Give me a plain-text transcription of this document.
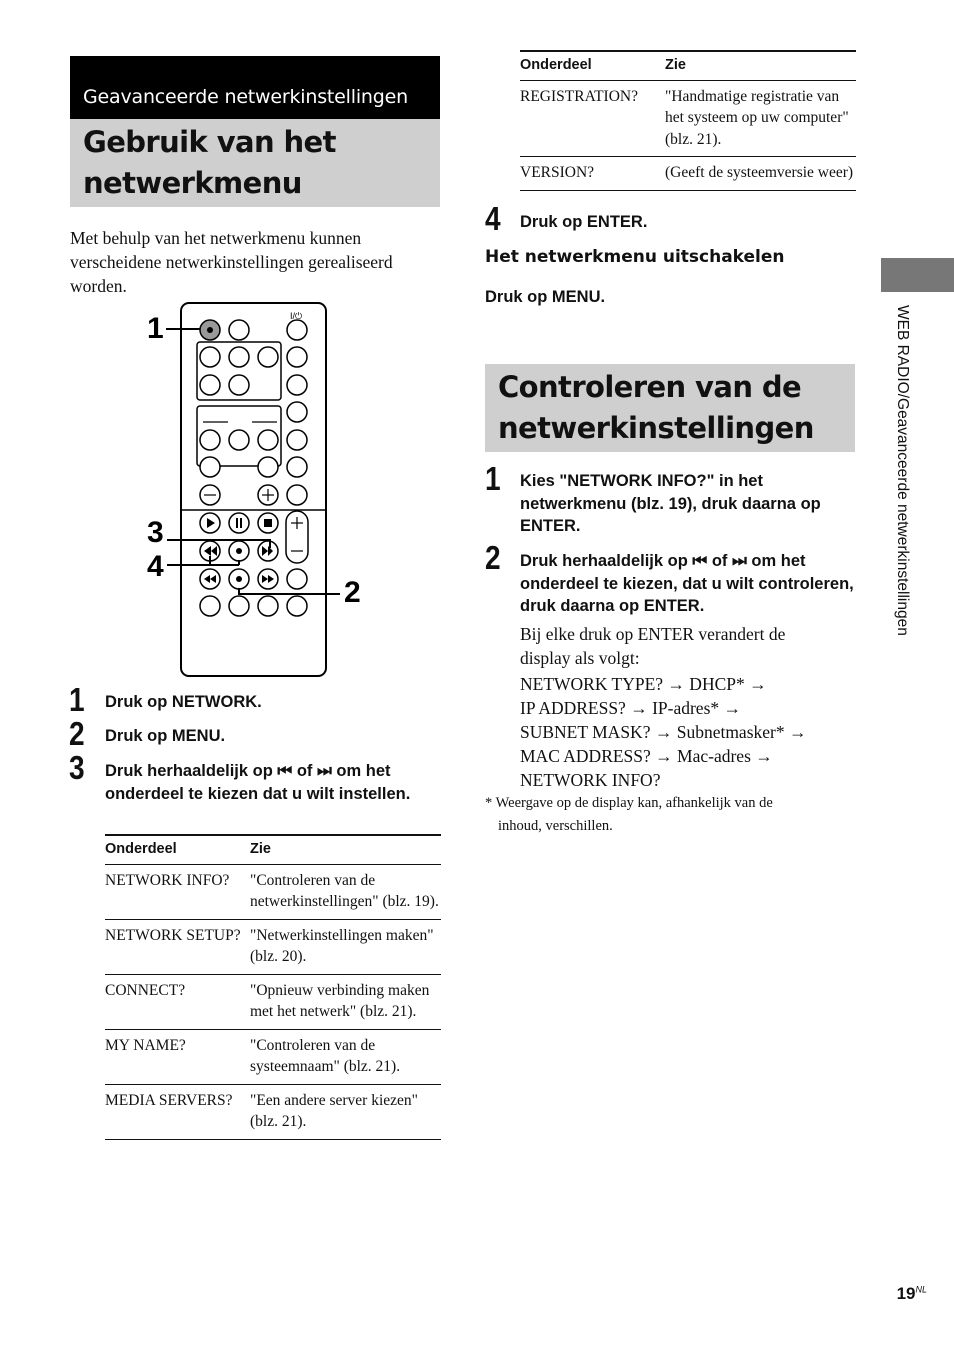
Geavanceerde netwerkinstellingen
Gebruik van het
netwerkmenu
Met behulp van het netwerkmenu kunnen verscheidene netwerkinstellingen gerealiseerd worden.
I/⏻
1
3
4
2
1 Druk op NETWORK.
2 Druk op MENU.
3 Druk herhaaldelijk op ⏮ of ⏭ om het onderdeel te kiezen dat u wilt instellen.
Onderdeel	Zie
NETWORK INFO?	"Controleren van de netwerkinstellingen" (blz. 19).
NETWORK SETUP?	"Netwerkinstellingen maken" (blz. 20).
CONNECT?	"Opnieuw verbinding maken met het netwerk" (blz. 21).
MY NAME?	"Controleren van de systeemnaam" (blz. 21).
MEDIA SERVERS?	"Een andere server kiezen" (blz. 21).
Onderdeel	Zie
REGISTRATION?	"Handmatige registratie van het systeem op uw computer" (blz. 21).
VERSION?	(Geeft de systeemversie weer)
4 Druk op ENTER.
Het netwerkmenu uitschakelen
Druk op MENU.
Controleren van de
netwerkinstellingen
1 Kies "NETWORK INFO?" in het netwerkmenu (blz. 19), druk daarna op ENTER.
2 Druk herhaaldelijk op ⏮ of ⏭ om het onderdeel te kiezen, dat u wilt controleren, druk daarna op ENTER.
Bij elke druk op ENTER verandert de
display als volgt:
NETWORK TYPE? → DHCP* →
IP ADDRESS? → IP-adres* →
SUBNET MASK? → Subnetmasker* →
MAC ADDRESS? → Mac-adres →
NETWORK INFO?
* Weergave op de display kan, afhankelijk van de
inhoud, verschillen.
WEB RADIO/Geavanceerde netwerkinstellingen
$19^{NL}$
